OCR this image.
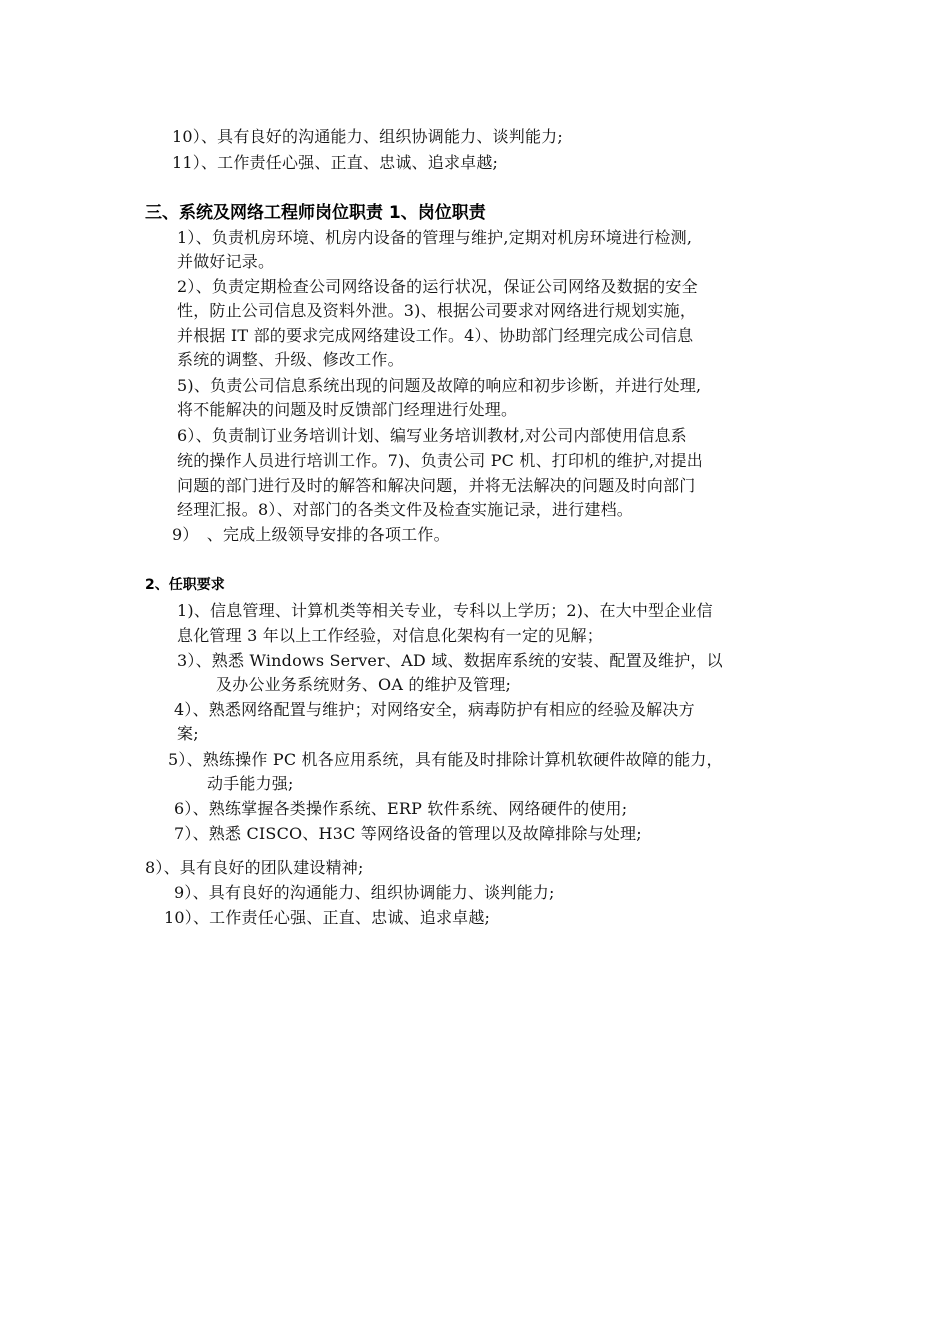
10）、具有良好的沟通能力、组织协调能力、谈判能力;

11）、工作责任心强、正直、忠诚、追求卓越;

三、系统及网络工程师岗位职责 1、岗位职责

1）、负责机房环境、机房内设备的管理与维护,定期对机房环境进行检测,

并做好记录。

2）、负责定期检查公司网络设备的运行状况，保证公司网络及数据的安全

性，防止公司信息及资料外泄。3)、根据公司要求对网络进行规划实施，

并根据 IT 部的要求完成网络建设工作。4）、协助部门经理完成公司信息

系统的调整、升级、修改工作。

5)、负责公司信息系统出现的问题及故障的响应和初步诊断，并进行处理,

将不能解决的问题及时反馈部门经理进行处理。

6）、负责制订业务培训计划、编写业务培训教材,对公司内部使用信息系

统的操作人员进行培训工作。7)、负责公司 PC 机、打印机的维护,对提出

问题的部门进行及时的解答和解决问题，并将无法解决的问题及时向部门

经理汇报。8）、对部门的各类文件及检查实施记录，进行建档。

9）　、完成上级领导安排的各项工作。

2、任职要求

1)、信息管理、计算机类等相关专业，专科以上学历；2)、在大中型企业信

息化管理 3 年以上工作经验，对信息化架构有一定的见解；

3）、熟悉 Windows Server、AD 域、数据库系统的安装、配置及维护，以

及办公业务系统财务、OA 的维护及管理;

4）、熟悉网络配置与维护；对网络安全，病毒防护有相应的经验及解决方

案;

5）、熟练操作 PC 机各应用系统，具有能及时排除计算机软硬件故障的能力，

动手能力强;

6）、熟练掌握各类操作系统、ERP 软件系统、网络硬件的使用;

7）、熟悉 CISCO、H3C 等网络设备的管理以及故障排除与处理;

8）、具有良好的团队建设精神;

9）、具有良好的沟通能力、组织协调能力、谈判能力;

10）、工作责任心强、正直、忠诚、追求卓越;
